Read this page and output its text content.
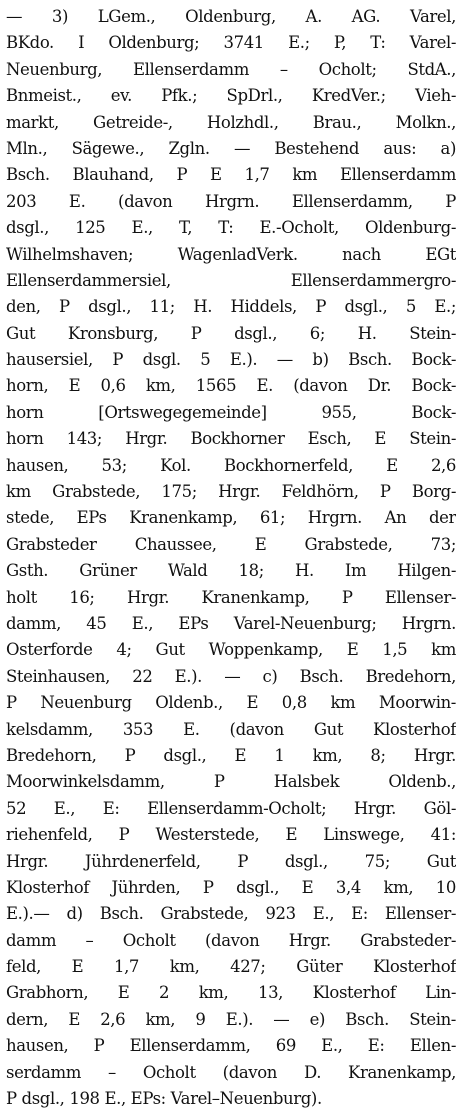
— 3) LGem., Oldenburg, A. AG. Varel,
BKdo. I Oldenburg; 3741 E.; P, T: Varel-
Neuenburg, Ellenserdamm – Ocholt; StdA.,
Bnmeist., ev. Pfk.; SpDrl., KredVer.; Vieh-
markt, Getreide-, Holzhdl., Brau., Molkn.,
Mln., Sägewe., Zgln. — Bestehend aus: a)
Bsch. Blauhand, P E 1,7 km Ellenserdamm
203 E. (davon Hrgrn. Ellenserdamm, P
dsgl., 125 E., T, T: E.-Ocholt, Oldenburg-
Wilhelmshaven; WagenladVerk. nach EGt
Ellenserdammersiel, Ellenserdammergro-
den, P dsgl., 11; H. Hiddels, P dsgl., 5 E.;
Gut Kronsburg, P dsgl., 6; H. Stein-
hausersiel, P dsgl. 5 E.). — b) Bsch. Bock-
horn, E 0,6 km, 1565 E. (davon Dr. Bock-
horn [Ortswegegemeinde] 955, Bock-
horn 143; Hrgr. Bockhorner Esch, E Stein-
hausen, 53; Kol. Bockhornerfeld, E 2,6
km Grabstede, 175; Hrgr. Feldhörn, P Borg-
stede, EPs Kranenkamp, 61; Hrgrn. An der
Grabsteder Chaussee, E Grabstede, 73;
Gsth. Grüner Wald 18; H. Im Hilgen-
holt 16; Hrgr. Kranenkamp, P Ellenser-
damm, 45 E., EPs Varel-Neuenburg; Hrgrn.
Osterforde 4; Gut Woppenkamp, E 1,5 km
Steinhausen, 22 E.). — c) Bsch. Bredehorn,
P Neuenburg Oldenb., E 0,8 km Moorwin-
kelsdamm, 353 E. (davon Gut Klosterhof
Bredehorn, P dsgl., E 1 km, 8; Hrgr.
Moorwinkelsdamm, P Halsbek Oldenb.,
52 E., E: Ellenserdamm-Ocholt; Hrgr. Göl-
riehenfeld, P Westerstede, E Linswege, 41:
Hrgr. Jührdenerfeld, P dsgl., 75; Gut
Klosterhof Jührden, P dsgl., E 3,4 km, 10
E.).— d) Bsch. Grabstede, 923 E., E: Ellenser-
damm – Ocholt (davon Hrgr. Grabsteder-
feld, E 1,7 km, 427; Güter Klosterhof
Grabhorn, E 2 km, 13, Klosterhof Lin-
dern, E 2,6 km, 9 E.). — e) Bsch. Stein-
hausen, P Ellenserdamm, 69 E., E: Ellen-
serdamm – Ocholt (davon D. Kranenkamp,
P dsgl., 198 E., EPs: Varel–Neuenburg).
